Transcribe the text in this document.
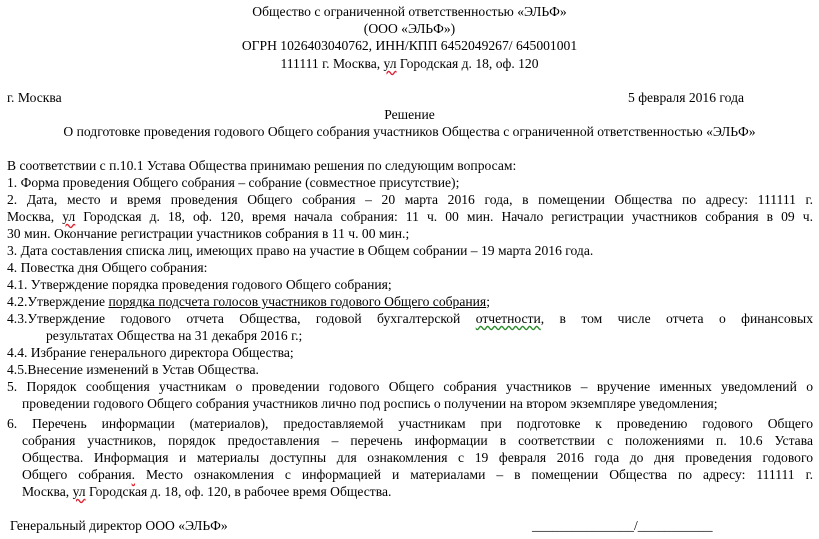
Общество с ограниченной ответственностью «ЭЛЬФ»
(ООО «ЭЛЬФ»)
ОГРН 1026403040762, ИНН/КПП 6452049267/ 645001001
111111 г. Москва, ул Городская д. 18, оф. 120
г. Москва	5 февраля 2016 года
Решение
О подготовке проведения годового Общего собрания участников Общества с ограниченной ответственностью «ЭЛЬФ»
В соответствии с п.10.1 Устава Общества принимаю решения по следующим вопросам:
1. Форма проведения Общего собрания – собрание (совместное присутствие);
2. Дата, место и время проведения Общего собрания – 20 марта 2016 года, в помещении Общества по адресу: 111111 г.
Москва, ул Городская д. 18, оф. 120, время начала собрания: 11 ч. 00 мин. Начало регистрации участников собрания в 09 ч.
30 мин. Окончание регистрации участников собрания в 11 ч. 00 мин.;
3. Дата составления списка лиц, имеющих право на участие в Общем собрании – 19 марта 2016 года.
4. Повестка дня Общего собрания:
4.1. Утверждение порядка проведения годового Общего собрания;
4.2.Утверждение порядка подсчета голосов участников годового Общего собрания;
4.3.Утверждение годового отчета Общества, годовой бухгалтерской отчетности, в том числе отчета о финансовых
результатах Общества на 31 декабря 2016 г.;
4.4. Избрание генерального директора Общества;
4.5.Внесение изменений в Устав Общества.
5. Порядок сообщения участникам о проведении годового Общего собрания участников – вручение именных уведомлений о
проведении годового Общего собрания участников лично под роспись о получении на втором экземпляре уведомления;
6. Перечень информации (материалов), предоставляемой участникам при подготовке к проведению годового Общего
собрания участников, порядок предоставления – перечень информации в соответствии с положениями п. 10.6 Устава
Общества. Информация и материалы доступны для ознакомления с 19 февраля 2016 года до дня проведения годового
Общего собрания. Место ознакомления с информацией и материалами – в помещении Общества по адресу: 111111 г.
Москва, ул Городская д. 18, оф. 120, в рабочее время Общества.
Генеральный директор ООО «ЭЛЬФ»	_______________/___________
